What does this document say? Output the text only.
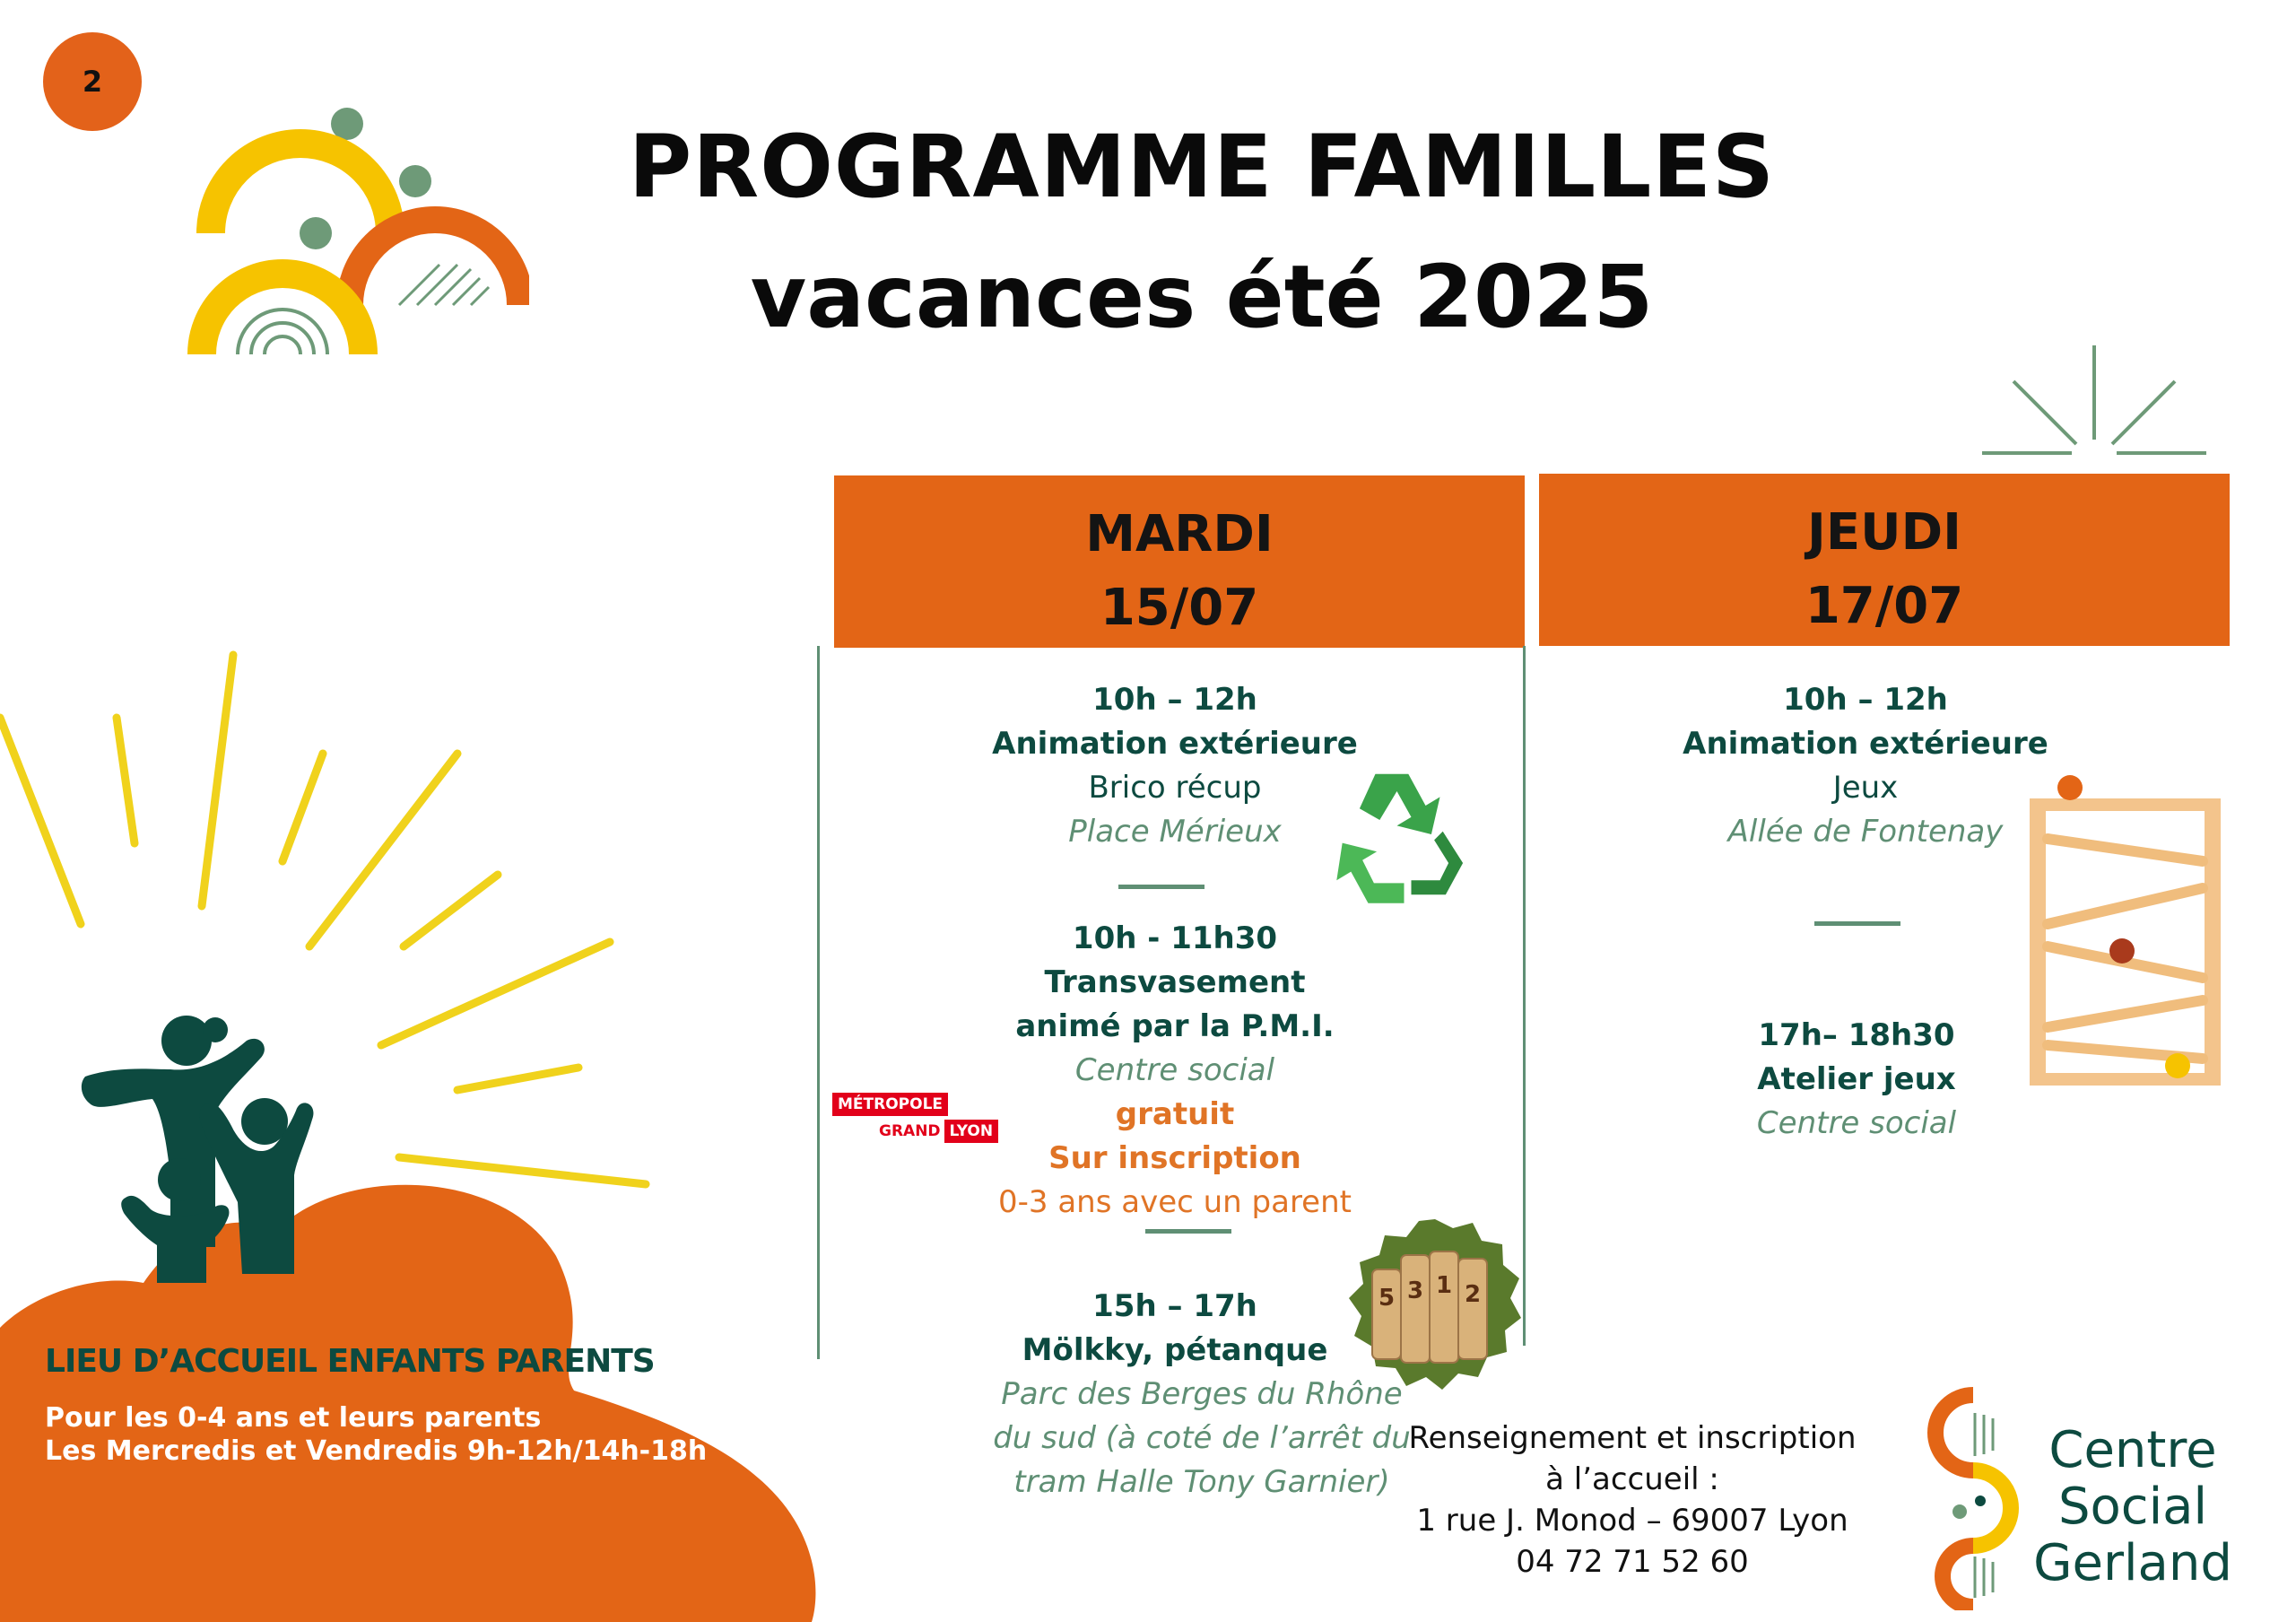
2
PROGRAMME FAMILLES
vacances été 2025
MARDI
15/07
JEUDI
17/07
10h – 12h
Animation extérieure
Brico récup
Place Mérieux
10h - 11h30
Transvasement
animé par la P.M.I.
Centre social
gratuit
Sur inscription
0-3 ans avec un parent
MÉTROPOLE
GRAND LYON
5 3 1 2
15h – 17h
Mölkky, pétanque
Parc des Berges du Rhône
du sud (à coté de l’arrêt du
tram Halle Tony Garnier)
10h – 12h
Animation extérieure
Jeux
Allée de Fontenay
17h– 18h30
Atelier jeux
Centre social
LIEU D’ACCUEIL ENFANTS PARENTS
Pour les 0-4 ans et leurs parents
Les Mercredis et Vendredis 9h-12h/14h-18h	Renseignement et inscription
à l’accueil :
1 rue J. Monod – 69007 Lyon
04 72 71 52 60
Centre
Social
Gerland
